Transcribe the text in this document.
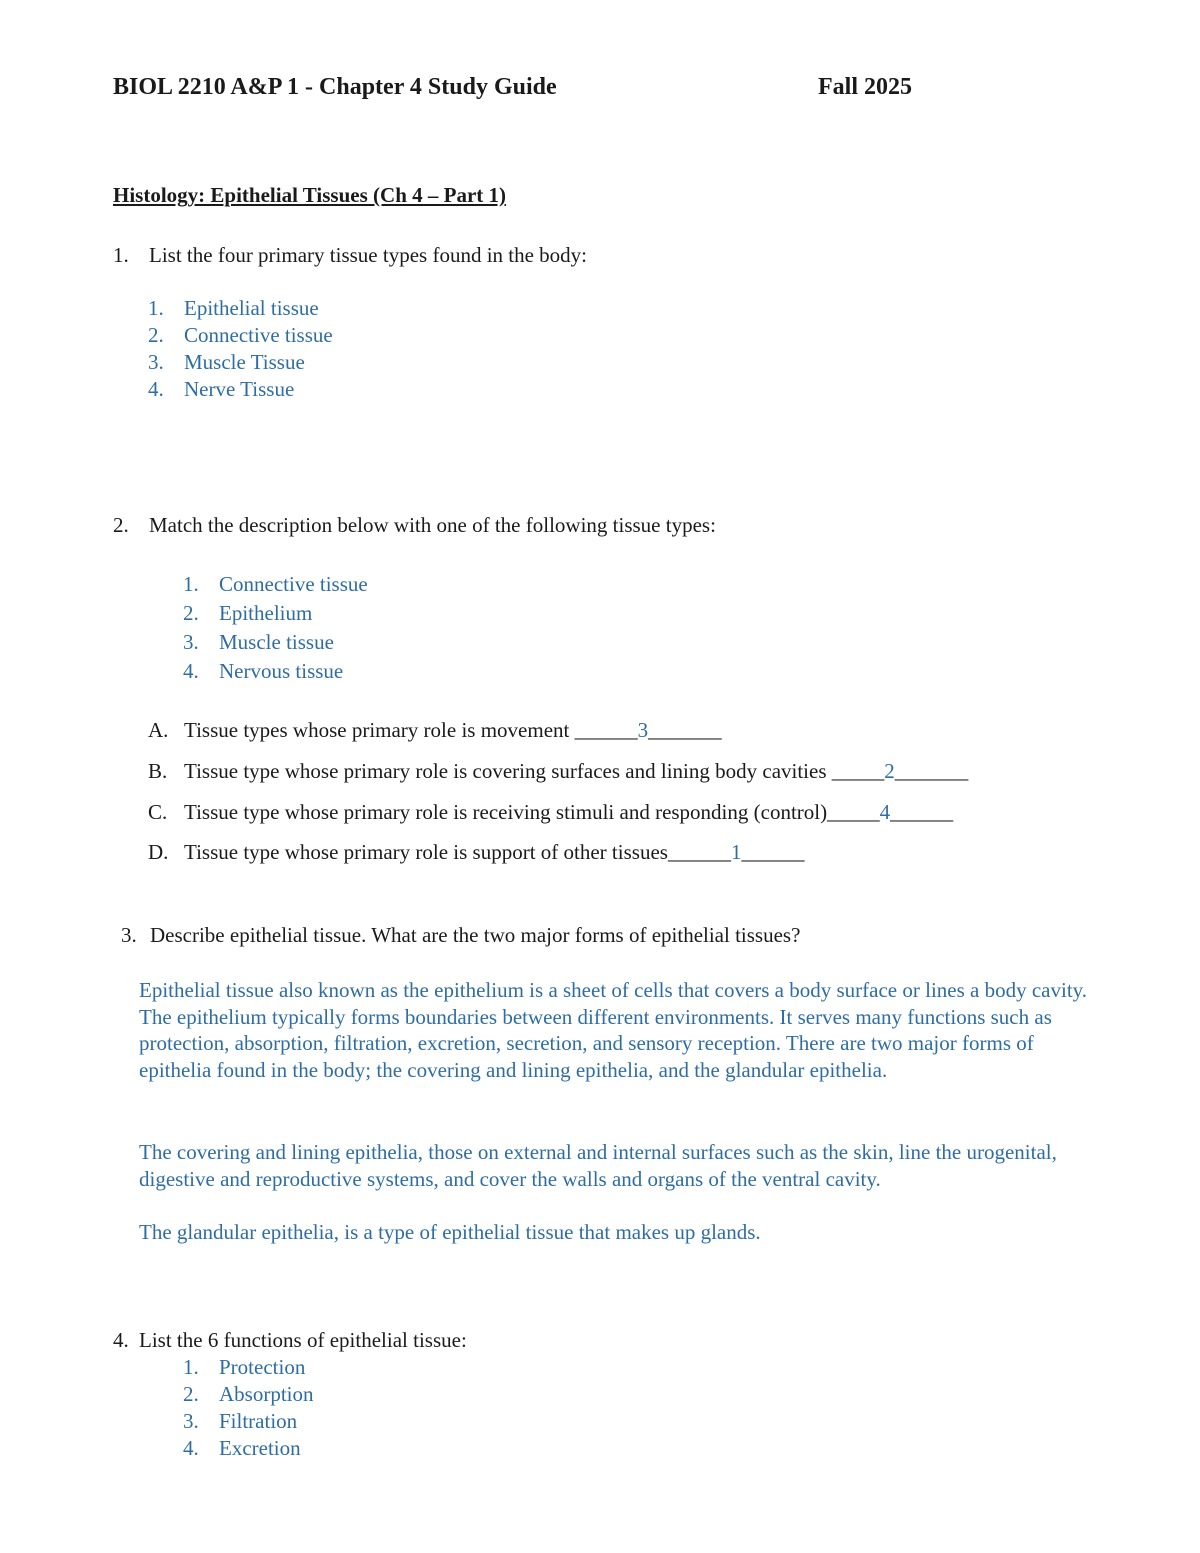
BIOL 2210 A&P 1 - Chapter 4 Study Guide	Fall 2025
Histology: Epithelial Tissues (Ch 4 – Part 1)
1. List the four primary tissue types found in the body:
1. Epithelial tissue
2. Connective tissue
3. Muscle Tissue
4. Nerve Tissue
2. Match the description below with one of the following tissue types:
1. Connective tissue
2. Epithelium
3. Muscle tissue
4. Nervous tissue
A. Tissue types whose primary role is movement ______3_______
B. Tissue type whose primary role is covering surfaces and lining body cavities _____2_______
C. Tissue type whose primary role is receiving stimuli and responding (control)_____4______
D. Tissue type whose primary role is support of other tissues______1______
3. Describe epithelial tissue. What are the two major forms of epithelial tissues?
Epithelial tissue also known as the epithelium is a sheet of cells that covers a body surface or lines a body cavity. The epithelium typically forms boundaries between different environments. It serves many functions such as protection, absorption, filtration, excretion, secretion, and sensory reception. There are two major forms of epithelia found in the body; the covering and lining epithelia, and the glandular epithelia.
The covering and lining epithelia, those on external and internal surfaces such as the skin, line the urogenital, digestive and reproductive systems, and cover the walls and organs of the ventral cavity.
The glandular epithelia, is a type of epithelial tissue that makes up glands.
4. List the 6 functions of epithelial tissue:
1. Protection
2. Absorption
3. Filtration
4. Excretion
